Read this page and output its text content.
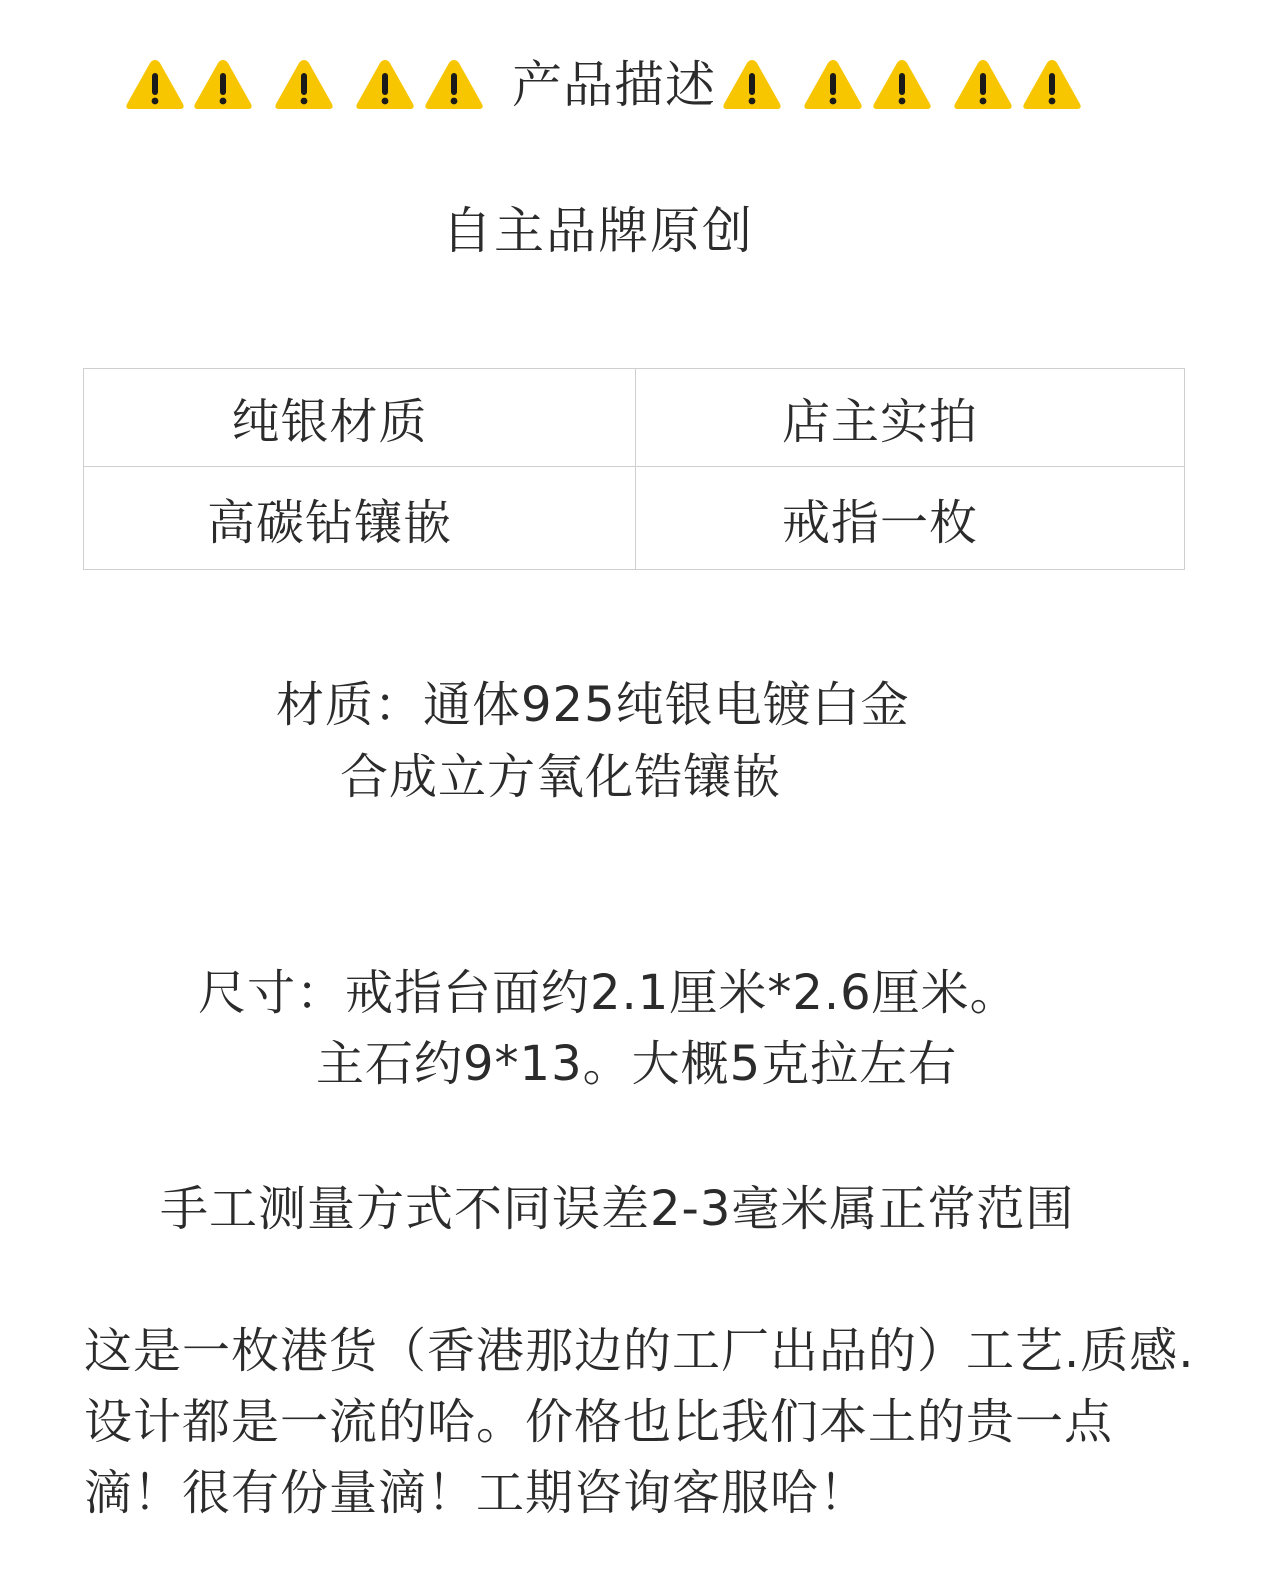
产品描述
自主品牌原创
纯银材质	店主实拍
高碳钻镶嵌	戒指一枚
材质：通体925纯银电镀白金
合成立方氧化锆镶嵌
尺寸：戒指台面约2.1厘米*2.6厘米。
主石约9*13。大概5克拉左右
手工测量方式不同误差2-3毫米属正常范围
这是一枚港货（香港那边的工厂出品的）工艺.质感.设计都是一流的哈。价格也比我们本土的贵一点滴！很有份量滴！工期咨询客服哈！
